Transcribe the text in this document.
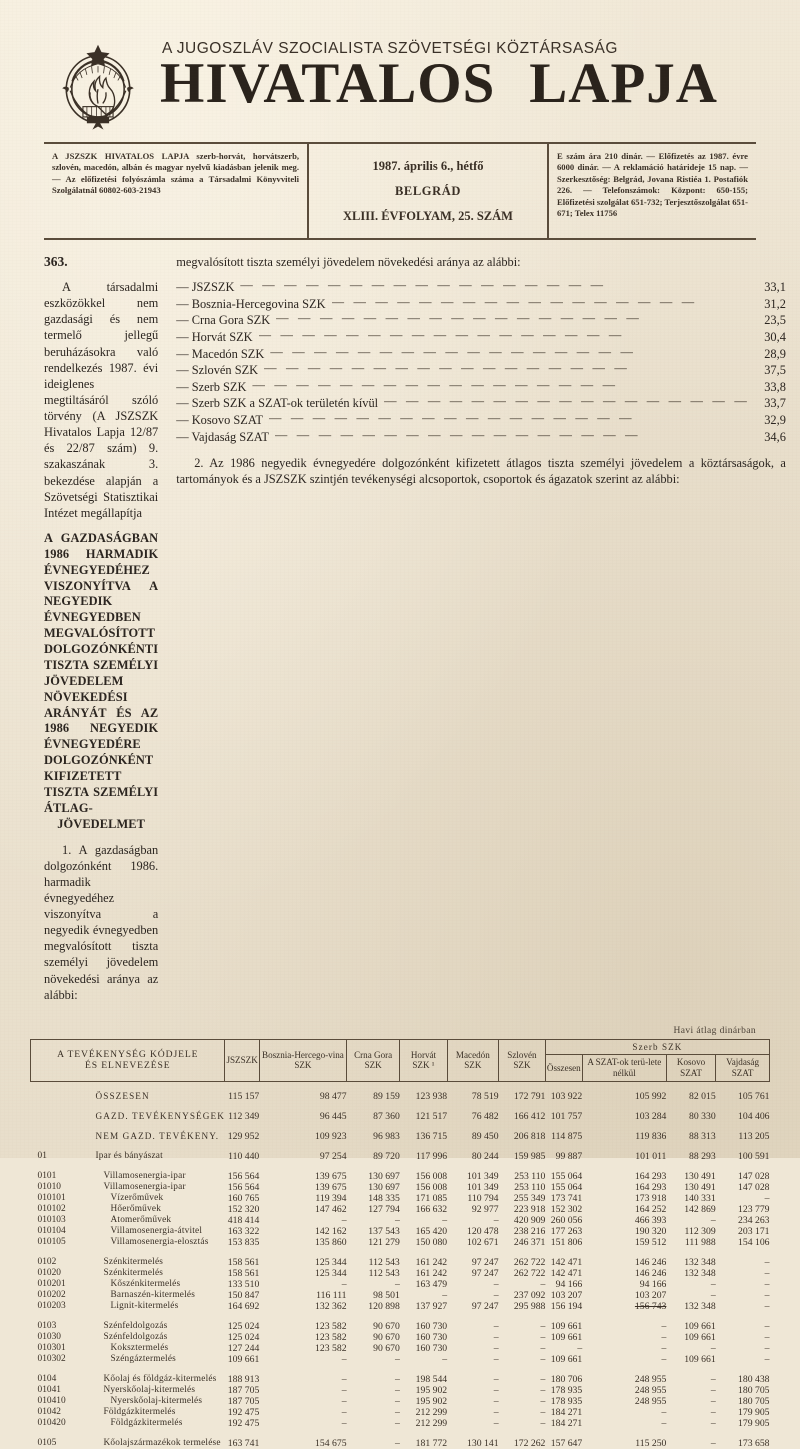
A JUGOSZLÁV SZOCIALISTA SZÖVETSÉGI KÖZTÁRSASÁG
HIVATALOS LAPJA
A JSZSZK HIVATALOS LAPJA szerb-horvát, horvátszerb, szlovén, macedón, albán és magyar nyelvű kiadásban jelenik meg. — Az előfizetési folyószámla száma a Társadalmi Könyvviteli Szolgálatnál 60802-603-21943
1987. április 6., hétfő
BELGRÁD
XLIII. ÉVFOLYAM, 25. SZÁM
E szám ára 210 dinár. — Előfizetés az 1987. évre 6000 dinár. — A reklamáció határideje 15 nap. — Szerkesztőség: Belgrád, Jovana Ristiéa 1. Postafiók 226. — Telefonszámok: Központ: 650-155; Előfizetési szolgálat 651-732; Terjesztőszolgálat 651-671; Telex 11756
363.

A társadalmi eszközökkel nem gazdasági és nem termelő jellegű beruházásokra való rendelkezés 1987. évi ideiglenes megtiltásáról szóló törvény (A JSZSZK Hivatalos Lapja 12/87 és 22/87 szám) 9. szakaszának 3. bekezdése alapján a Szövetségi Statisztikai Intézet megállapítja

A GAZDASÁGBAN 1986 HARMADIK ÉVNEGYEDÉHEZ VISZONYÍTVA A NEGYEDIK ÉVNEGYEDBEN MEGVALÓSÍTOTT DOLGOZÓNKÉNTI TISZTA SZEMÉLYI JÖVEDELEM NÖVEKEDÉSI ARÁNYÁT ÉS AZ 1986 NEGYEDIK ÉVNEGYEDÉRE DOLGOZÓNKÉNT KIFIZETETT TISZTA SZEMÉLYI ÁTLAG-
JÖVEDELMET

1. A gazdaságban dolgozónként 1986. harmadik évnegyedéhez viszonyítva a negyedik évnegyedben megvalósított tiszta személyi jövedelem növekedési aránya az alábbi:

megvalósított tiszta személyi jövedelem növekedési aránya az alábbi:

— JSZSZK — — — — — — — — — — — — — — — — —	33,1
— Bosznia-Hercegovina SZK — — — — — — — — — — — — — — — — —	31,2
— Crna Gora SZK — — — — — — — — — — — — — — — — —	23,5
— Horvát SZK — — — — — — — — — — — — — — — — —	30,4
— Macedón SZK — — — — — — — — — — — — — — — — —	28,9
— Szlovén SZK — — — — — — — — — — — — — — — — —	37,5
— Szerb SZK — — — — — — — — — — — — — — — — —	33,8
— Szerb SZK a SZAT-ok területén kívül — — — — — — — — — — — — — — — — —	33,7
— Kosovo SZAT — — — — — — — — — — — — — — — — —	32,9
— Vajdaság SZAT — — — — — — — — — — — — — — — — —	34,6

2. Az 1986 negyedik évnegyedére dolgozónként kifizetett átlagos tiszta személyi jövedelem a köztársaságok, a tartományok és a JSZSZK szintjén tevékenységi alcsoportok, csoportok és ágazatok szerint az alábbi:

Havi átlag dinárban
A TEVÉKENYSÉG KÓDJELE
ÉS ELNEVEZÉSE		JSZSZK	Bosznia-Hercego-vina SZK	Crna Gora SZK	Horvát SZK ¹	Macedón SZK	Szlovén SZK	Szerb SZK			
								Összesen	A SZAT-ok terü-lete nélkül	Kosovo SZAT	Vajdaság SZAT

	ÖSSZESEN	115 157	98 477	89 159	123 938	78 519	172 791	103 922	105 992	82 015	105 761

	GAZD. TEVÉKENYSÉGEK	112 349	96 445	87 360	121 517	76 482	166 412	101 757	103 284	80 330	104 406

	NEM GAZD. TEVÉKENY.	129 952	109 923	96 983	136 715	89 450	206 818	114 875	119 836	88 313	113 205

01	Ipar és bányászat	110 440	97 254	89 720	117 996	80 244	159 985	99 887	101 011	88 293	100 591

0101	Villamosenergia-ipar	156 564	139 675	130 697	156 008	101 349	253 110	155 064	164 293	130 491	147 028
01010	Villamosenergia-ipar	156 564	139 675	130 697	156 008	101 349	253 110	155 064	164 293	130 491	147 028
010101	Vízerőművek	160 765	119 394	148 335	171 085	110 794	255 349	173 741	173 918	140 331	–
010102	Hőerőművek	152 320	147 462	127 794	166 632	92 977	223 918	152 302	164 252	142 869	123 779
010103	Atomerőművek	418 414	–	–	–	–	420 909	260 056	466 393	–	234 263
010104	Villamosenergia-átvitel	163 322	142 162	137 543	165 420	120 478	238 216	177 263	190 320	112 309	203 171
010105	Villamosenergia-elosztás	153 835	135 860	121 279	150 080	102 671	246 371	151 806	159 512	111 988	154 106

0102	Szénkitermelés	158 561	125 344	112 543	161 242	97 247	262 722	142 471	146 246	132 348	–
01020	Szénkitermelés	158 561	125 344	112 543	161 242	97 247	262 722	142 471	146 246	132 348	–
010201	Kőszénkitermelés	133 510	–	–	163 479	–	–	94 166	94 166	–	–
010202	Barnaszén-kitermelés	150 847	116 111	98 501	–	–	237 092	103 207	103 207	–	–
010203	Lignit-kitermelés	164 692	132 362	120 898	137 927	97 247	295 988	156 194	156 743	132 348	–

0103	Szénfeldolgozás	125 024	123 582	90 670	160 730	–	–	109 661	–	109 661	–
01030	Szénfeldolgozás	125 024	123 582	90 670	160 730	–	–	109 661	–	109 661	–
010301	Koksztermelés	127 244	123 582	90 670	160 730	–	–	–	–	–	–
010302	Széngáztermelés	109 661	–	–	–	–	–	109 661	–	109 661	–

0104	Kőolaj és földgáz-kitermelés	188 913	–	–	198 544	–	–	180 706	248 955	–	180 438
01041	Nyerskőolaj-kitermelés	187 705	–	–	195 902	–	–	178 935	248 955	–	180 705
010410	Nyerskőolaj-kitermelés	187 705	–	–	195 902	–	–	178 935	248 955	–	180 705
01042	Földgázkitermelés	192 475	–	–	212 299	–	–	184 271	–	–	179 905
010420	Földgázkitermelés	192 475	–	–	212 299	–	–	184 271	–	–	179 905

0105	Kőolajszármazékok termelése	163 741	154 675	–	181 772	130 141	172 262	157 647	115 250	–	173 658
